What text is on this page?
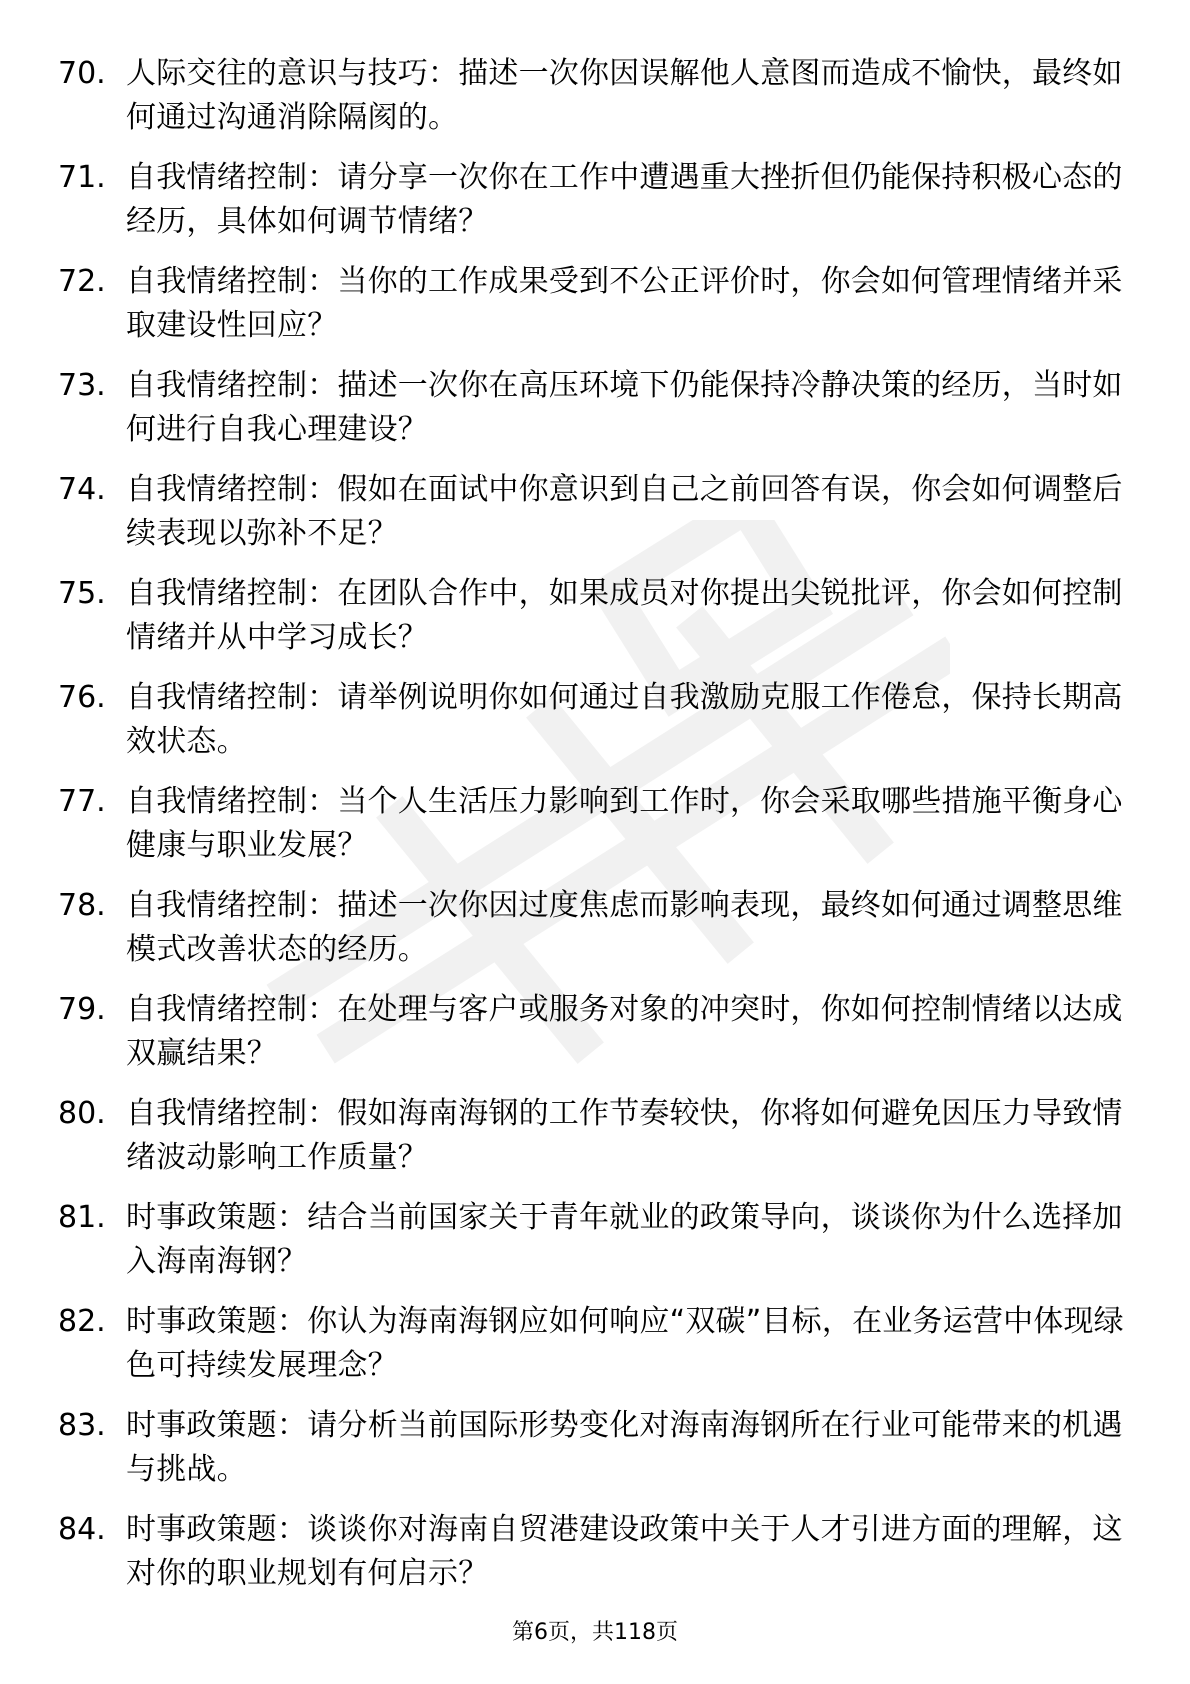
70. 人际交往的意识与技巧：描述一次你因误解他人意图而造成不愉快，最终如何通过沟通消除隔阂的。
71. 自我情绪控制：请分享一次你在工作中遭遇重大挫折但仍能保持积极心态的经历，具体如何调节情绪？
72. 自我情绪控制：当你的工作成果受到不公正评价时，你会如何管理情绪并采取建设性回应？
73. 自我情绪控制：描述一次你在高压环境下仍能保持冷静决策的经历，当时如何进行自我心理建设？
74. 自我情绪控制：假如在面试中你意识到自己之前回答有误，你会如何调整后续表现以弥补不足？
75. 自我情绪控制：在团队合作中，如果成员对你提出尖锐批评，你会如何控制情绪并从中学习成长？
76. 自我情绪控制：请举例说明你如何通过自我激励克服工作倦怠，保持长期高效状态。
77. 自我情绪控制：当个人生活压力影响到工作时，你会采取哪些措施平衡身心健康与职业发展？
78. 自我情绪控制：描述一次你因过度焦虑而影响表现，最终如何通过调整思维模式改善状态的经历。
79. 自我情绪控制：在处理与客户或服务对象的冲突时，你如何控制情绪以达成双赢结果？
80. 自我情绪控制：假如海南海钢的工作节奏较快，你将如何避免因压力导致情绪波动影响工作质量？
81. 时事政策题：结合当前国家关于青年就业的政策导向，谈谈你为什么选择加入海南海钢？
82. 时事政策题：你认为海南海钢应如何响应“双碳”目标，在业务运营中体现绿色可持续发展理念？
83. 时事政策题：请分析当前国际形势变化对海南海钢所在行业可能带来的机遇与挑战。
84. 时事政策题：谈谈你对海南自贸港建设政策中关于人才引进方面的理解，这对你的职业规划有何启示？
第6页，共118页
